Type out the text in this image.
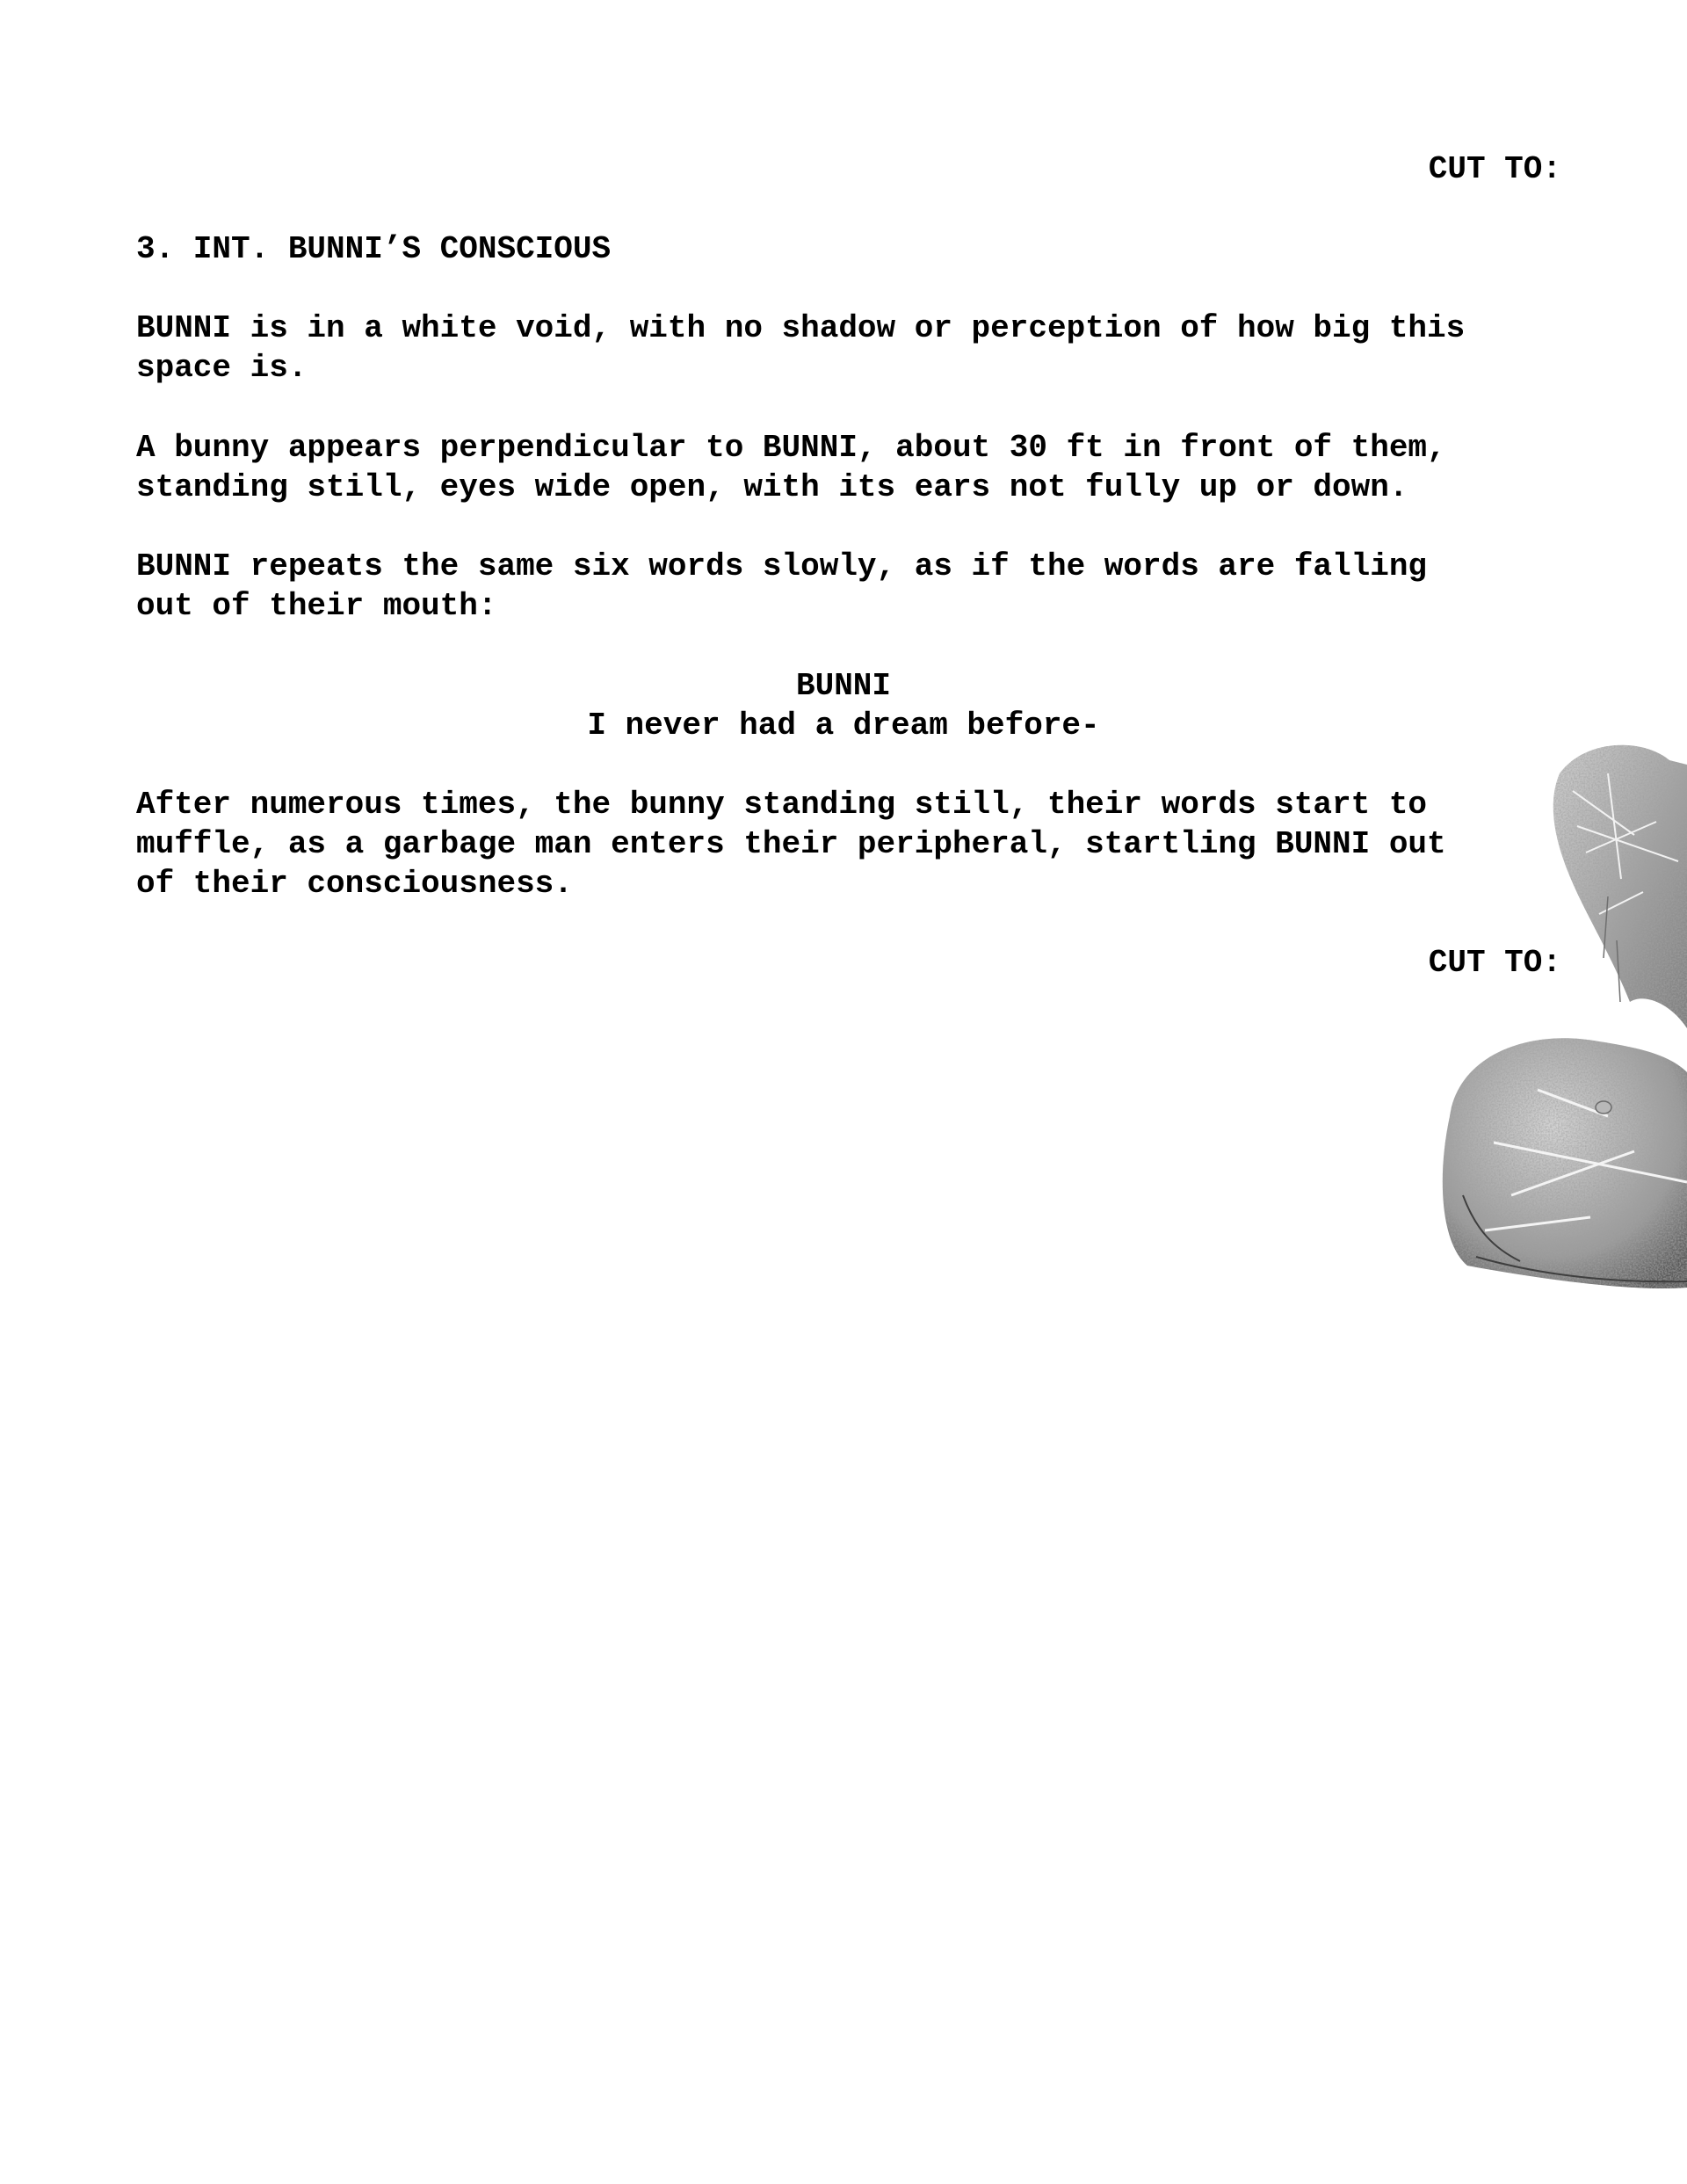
CUT TO:

3. INT. BUNNI’S CONSCIOUS

BUNNI is in a white void, with no shadow or perception of how big this
space is.
A bunny appears perpendicular to BUNNI, about 30 ft in front of them,
standing still, eyes wide open, with its ears not fully up or down.
BUNNI repeats the same six words slowly, as if the words are falling
out of their mouth:

BUNNI

I never had a dream before-

After numerous times, the bunny standing still, their words start to
muffle, as a garbage man enters their peripheral, startling BUNNI out
of their consciousness.

CUT TO:
